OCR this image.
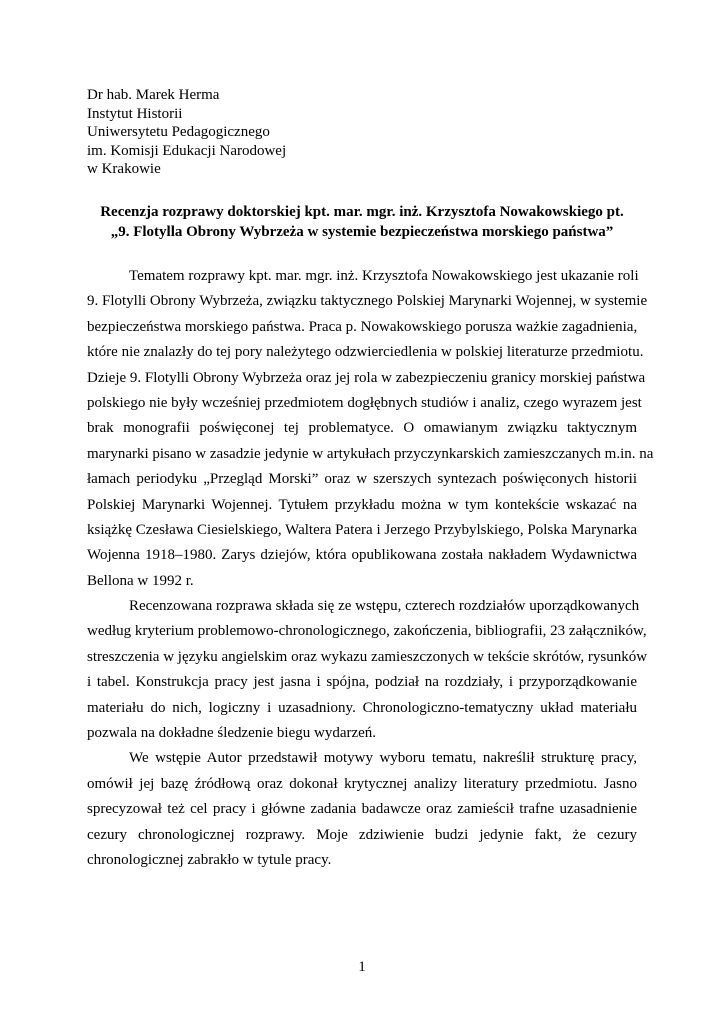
Dr hab. Marek Herma
Instytut Historii
Uniwersytetu Pedagogicznego
im. Komisji Edukacji Narodowej
w Krakowie
Recenzja rozprawy doktorskiej kpt. mar. mgr. inż. Krzysztofa Nowakowskiego pt.
„9. Flotylla Obrony Wybrzeża w systemie bezpieczeństwa morskiego państwa”
Tematem rozprawy kpt. mar. mgr. inż. Krzysztofa Nowakowskiego jest ukazanie roli
9. Flotylli Obrony Wybrzeża, związku taktycznego Polskiej Marynarki Wojennej, w systemie
bezpieczeństwa morskiego państwa. Praca p. Nowakowskiego porusza ważkie zagadnienia,
które nie znalazły do tej pory należytego odzwierciedlenia w polskiej literaturze przedmiotu.
Dzieje 9. Flotylli Obrony Wybrzeża oraz jej rola w zabezpieczeniu granicy morskiej państwa
polskiego nie były wcześniej przedmiotem dogłębnych studiów i analiz, czego wyrazem jest
brak monografii poświęconej tej problematyce. O omawianym związku taktycznym
marynarki pisano w zasadzie jedynie w artykułach przyczynkarskich zamieszczanych m.in. na
łamach periodyku „Przegląd Morski” oraz w szerszych syntezach poświęconych historii
Polskiej Marynarki Wojennej. Tytułem przykładu można w tym kontekście wskazać na
książkę Czesława Ciesielskiego, Waltera Patera i Jerzego Przybylskiego, Polska Marynarka
Wojenna 1918–1980. Zarys dziejów, która opublikowana została nakładem Wydawnictwa
Bellona w 1992 r.
Recenzowana rozprawa składa się ze wstępu, czterech rozdziałów uporządkowanych
według kryterium problemowo-chronologicznego, zakończenia, bibliografii, 23 załączników,
streszczenia w języku angielskim oraz wykazu zamieszczonych w tekście skrótów, rysunków
i tabel. Konstrukcja pracy jest jasna i spójna, podział na rozdziały, i przyporządkowanie
materiału do nich, logiczny i uzasadniony. Chronologiczno-tematyczny układ materiału
pozwala na dokładne śledzenie biegu wydarzeń.
We wstępie Autor przedstawił motywy wyboru tematu, nakreślił strukturę pracy,
omówił jej bazę źródłową oraz dokonał krytycznej analizy literatury przedmiotu. Jasno
sprecyzował też cel pracy i główne zadania badawcze oraz zamieścił trafne uzasadnienie
cezury chronologicznej rozprawy. Moje zdziwienie budzi jedynie fakt, że cezury
chronologicznej zabrakło w tytule pracy.
1
